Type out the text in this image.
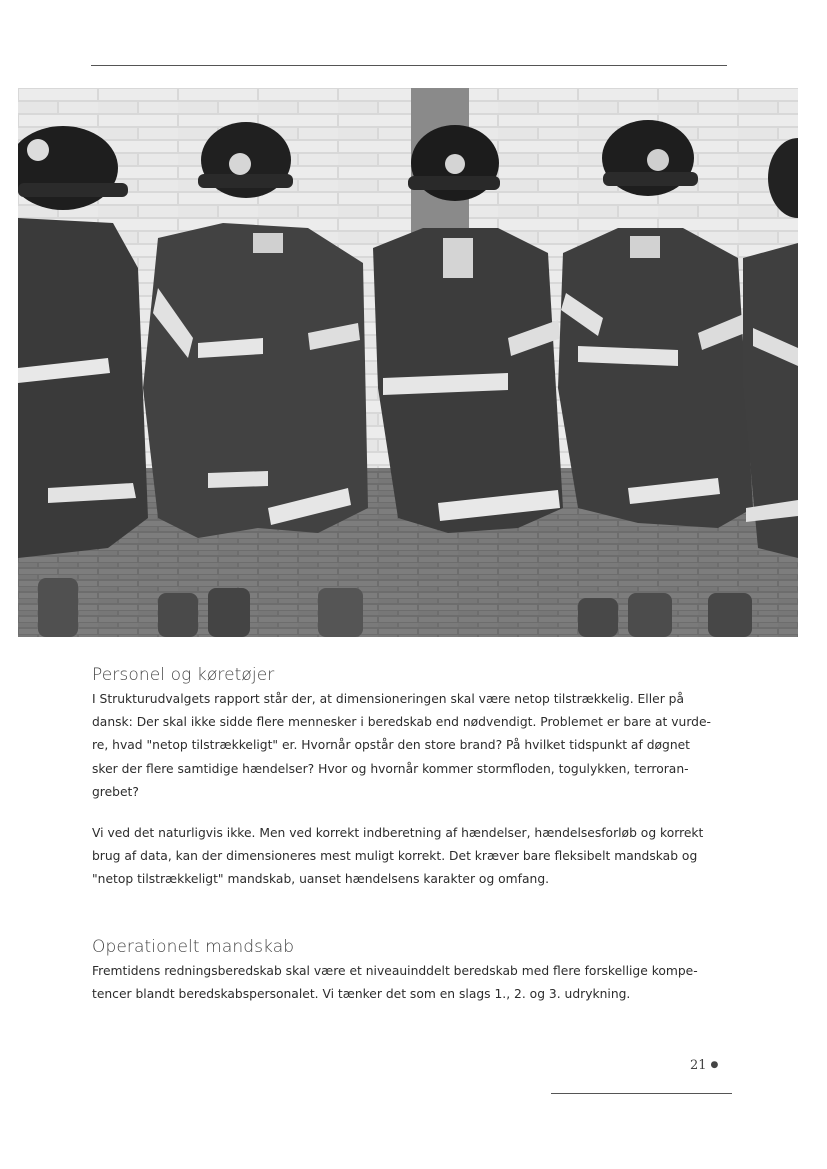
Personel og køretøjer

I Strukturudvalgets rapport står der, at dimensioneringen skal være netop tilstrækkelig. Eller på
dansk: Der skal ikke sidde flere mennesker i beredskab end nødvendigt. Problemet er bare at vurde-
re, hvad "netop tilstrækkeligt" er. Hvornår opstår den store brand? På hvilket tidspunkt af døgnet
sker der flere samtidige hændelser? Hvor og hvornår kommer stormfloden, togulykken, terroran-
grebet?

Vi ved det naturligvis ikke. Men ved korrekt indberetning af hændelser, hændelsesforløb og korrekt
brug af data, kan der dimensioneres mest muligt korrekt. Det kræver bare fleksibelt mandskab og
"netop tilstrækkeligt" mandskab, uanset hændelsens karakter og omfang.

Operationelt mandskab

Fremtidens redningsberedskab skal være et niveauinddelt beredskab med flere forskellige kompe-
tencer blandt beredskabspersonalet. Vi tænker det som en slags 1., 2. og 3. udrykning.

21 ●
